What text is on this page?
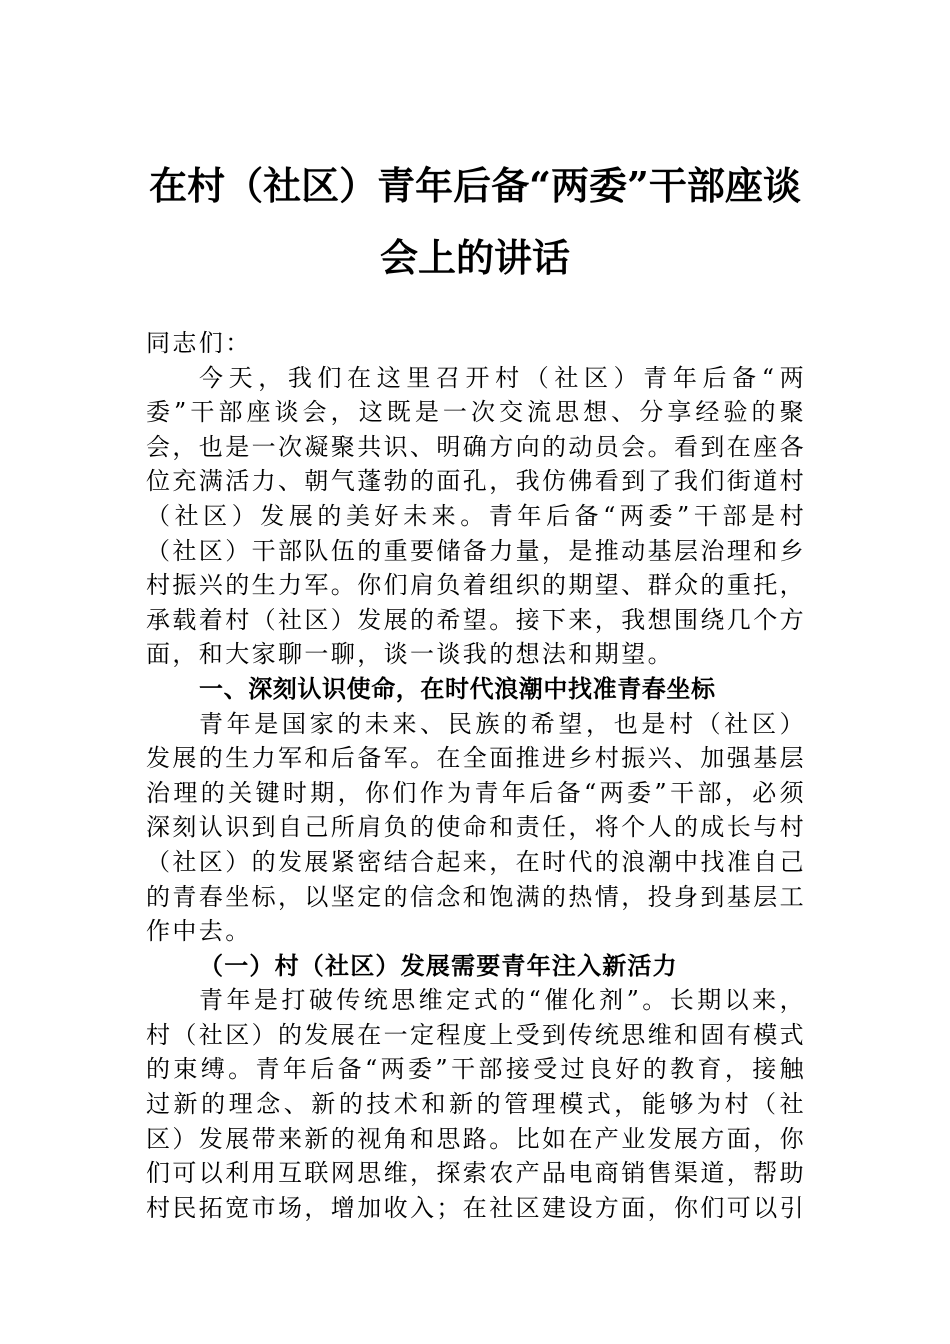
在村（社区）青年后备“两委”干部座谈
会上的讲话

同志们：

今天，我们在这里召开村（社区）青年后备“两委”干部座谈会，这既是一次交流思想、分享经验的聚会，也是一次凝聚共识、明确方向的动员会。看到在座各位充满活力、朝气蓬勃的面孔，我仿佛看到了我们街道村（社区）发展的美好未来。青年后备“两委”干部是村（社区）干部队伍的重要储备力量，是推动基层治理和乡村振兴的生力军。你们肩负着组织的期望、群众的重托，承载着村（社区）发展的希望。接下来，我想围绕几个方面，和大家聊一聊，谈一谈我的想法和期望。

一、深刻认识使命，在时代浪潮中找准青春坐标

青年是国家的未来、民族的希望，也是村（社区）发展的生力军和后备军。在全面推进乡村振兴、加强基层治理的关键时期，你们作为青年后备“两委”干部，必须深刻认识到自己所肩负的使命和责任，将个人的成长与村（社区）的发展紧密结合起来，在时代的浪潮中找准自己的青春坐标，以坚定的信念和饱满的热情，投身到基层工作中去。

（一）村（社区）发展需要青年注入新活力

青年是打破传统思维定式的“催化剂”。长期以来，村（社区）的发展在一定程度上受到传统思维和固有模式的束缚。青年后备“两委”干部接受过良好的教育，接触过新的理念、新的技术和新的管理模式，能够为村（社区）发展带来新的视角和思路。比如在产业发展方面，你们可以利用互联网思维，探索农产品电商销售渠道，帮助村民拓宽市场，增加收入；在社区建设方面，你们可以引
